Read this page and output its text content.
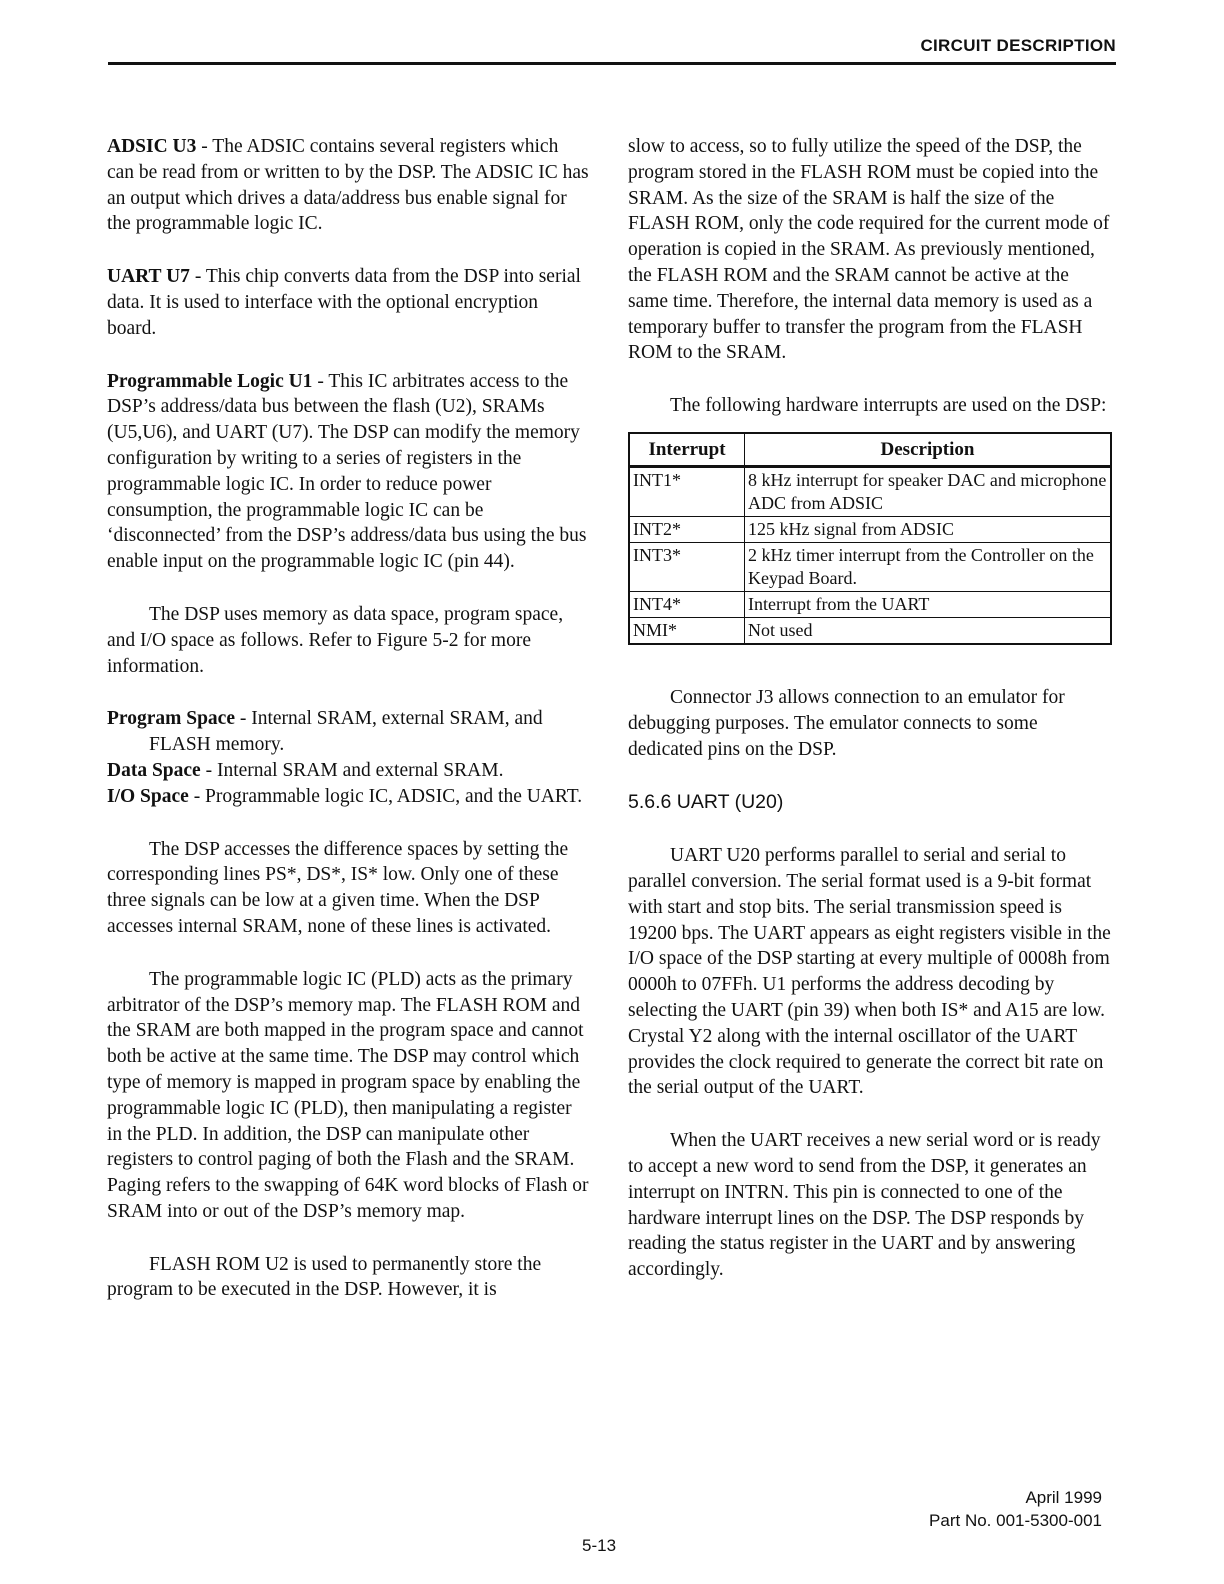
CIRCUIT DESCRIPTION

ADSIC U3 - The ADSIC contains several registers which can be read from or written to by the DSP. The ADSIC IC has an output which drives a data/address bus enable signal for the programmable logic IC.

UART U7 - This chip converts data from the DSP into serial data. It is used to interface with the optional encryption board.

Programmable Logic U1 - This IC arbitrates access to the DSP’s address/data bus between the flash (U2), SRAMs (U5,U6), and UART (U7). The DSP can modify the memory configuration by writing to a series of registers in the programmable logic IC. In order to reduce power consumption, the programmable logic IC can be ‘disconnected’ from the DSP’s address/data bus using the bus enable input on the programmable logic IC (pin 44).

The DSP uses memory as data space, program space, and I/O space as follows. Refer to Figure 5-2 for more information.

Program Space - Internal SRAM, external SRAM, and FLASH memory.

Data Space - Internal SRAM and external SRAM.

I/O Space - Programmable logic IC, ADSIC, and the UART.

The DSP accesses the difference spaces by setting the corresponding lines PS*, DS*, IS* low. Only one of these three signals can be low at a given time. When the DSP accesses internal SRAM, none of these lines is activated.

The programmable logic IC (PLD) acts as the primary arbitrator of the DSP’s memory map. The FLASH ROM and the SRAM are both mapped in the program space and cannot both be active at the same time. The DSP may control which type of memory is mapped in program space by enabling the programmable logic IC (PLD), then manipulating a register in the PLD. In addition, the DSP can manipulate other registers to control paging of both the Flash and the SRAM. Paging refers to the swapping of 64K word blocks of Flash or SRAM into or out of the DSP’s memory map.

FLASH ROM U2 is used to permanently store the program to be executed in the DSP. However, it is

slow to access, so to fully utilize the speed of the DSP, the program stored in the FLASH ROM must be copied into the SRAM. As the size of the SRAM is half the size of the FLASH ROM, only the code required for the current mode of operation is copied in the SRAM. As previously mentioned, the FLASH ROM and the SRAM cannot be active at the same time. Therefore, the internal data memory is used as a temporary buffer to transfer the program from the FLASH ROM to the SRAM.

The following hardware interrupts are used on the DSP:

Interrupt	Description
INT1*	8 kHz interrupt for speaker DAC and microphone ADC from ADSIC
INT2*	125 kHz signal from ADSIC
INT3*	2 kHz timer interrupt from the Controller on the Keypad Board.
INT4*	Interrupt from the UART
NMI*	Not used

Connector J3 allows connection to an emulator for debugging purposes. The emulator connects to some dedicated pins on the DSP.

5.6.6 UART (U20)

UART U20 performs parallel to serial and serial to parallel conversion. The serial format used is a 9-bit format with start and stop bits. The serial transmission speed is 19200 bps. The UART appears as eight registers visible in the I/O space of the DSP starting at every multiple of 0008h from 0000h to 07FFh. U1 performs the address decoding by selecting the UART (pin 39) when both IS* and A15 are low. Crystal Y2 along with the internal oscillator of the UART provides the clock required to generate the correct bit rate on the serial output of the UART.

When the UART receives a new serial word or is ready to accept a new word to send from the DSP, it generates an interrupt on INTRN. This pin is connected to one of the hardware interrupt lines on the DSP. The DSP responds by reading the status register in the UART and by answering accordingly.

April 1999
Part No. 001-5300-001
5-13
